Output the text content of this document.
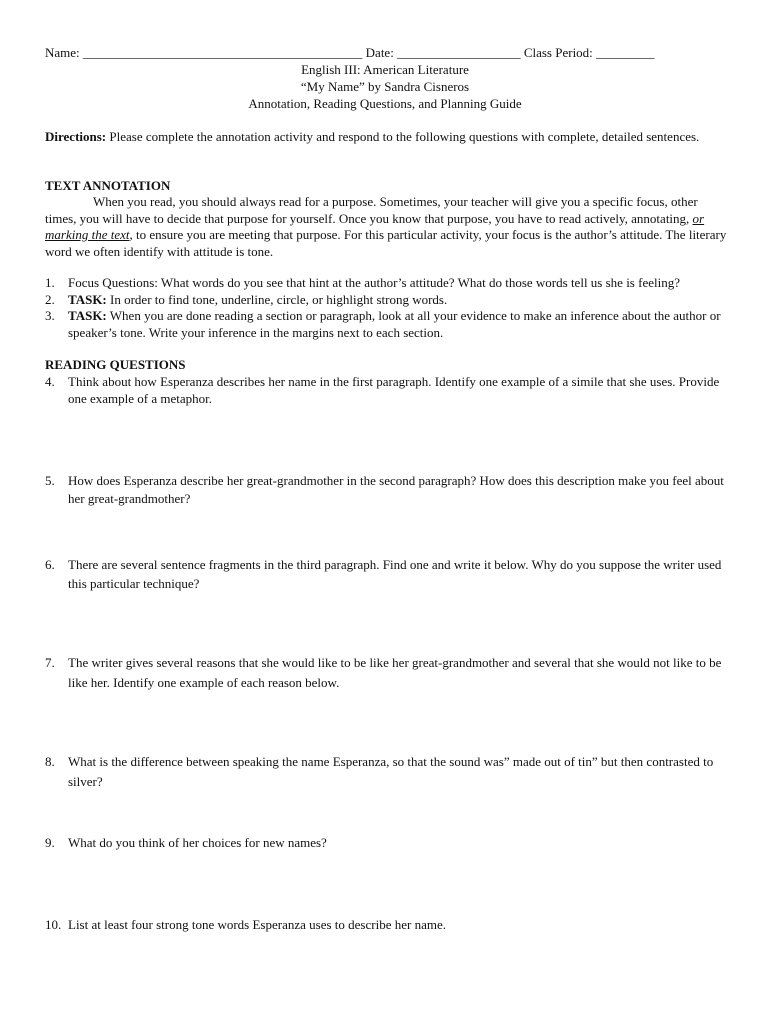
Name: ___________________________________________ Date: ___________________ Class Period: _________
English III: American Literature
“My Name” by Sandra Cisneros
Annotation, Reading Questions, and Planning Guide
Directions: Please complete the annotation activity and respond to the following questions with complete, detailed sentences.
TEXT ANNOTATION
When you read, you should always read for a purpose. Sometimes, your teacher will give you a specific focus, other times, you will have to decide that purpose for yourself. Once you know that purpose, you have to read actively, annotating, or marking the text, to ensure you are meeting that purpose. For this particular activity, your focus is the author’s attitude. The literary word we often identify with attitude is tone.
1.	Focus Questions: What words do you see that hint at the author’s attitude? What do those words tell us she is feeling?
2.	TASK: In order to find tone, underline, circle, or highlight strong words.
3.	TASK: When you are done reading a section or paragraph, look at all your evidence to make an inference about the author or speaker’s tone. Write your inference in the margins next to each section.
READING QUESTIONS
4.	Think about how Esperanza describes her name in the first paragraph. Identify one example of a simile that she uses. Provide one example of a metaphor.
5.	How does Esperanza describe her great-grandmother in the second paragraph? How does this description make you feel about her great-grandmother?
6.	There are several sentence fragments in the third paragraph. Find one and write it below. Why do you suppose the writer used this particular technique?
7.	The writer gives several reasons that she would like to be like her great-grandmother and several that she would not like to be like her. Identify one example of each reason below.
8.	What is the difference between speaking the name Esperanza, so that the sound was” made out of tin” but then contrasted to silver?
9.	What do you think of her choices for new names?
10. List at least four strong tone words Esperanza uses to describe her name.
